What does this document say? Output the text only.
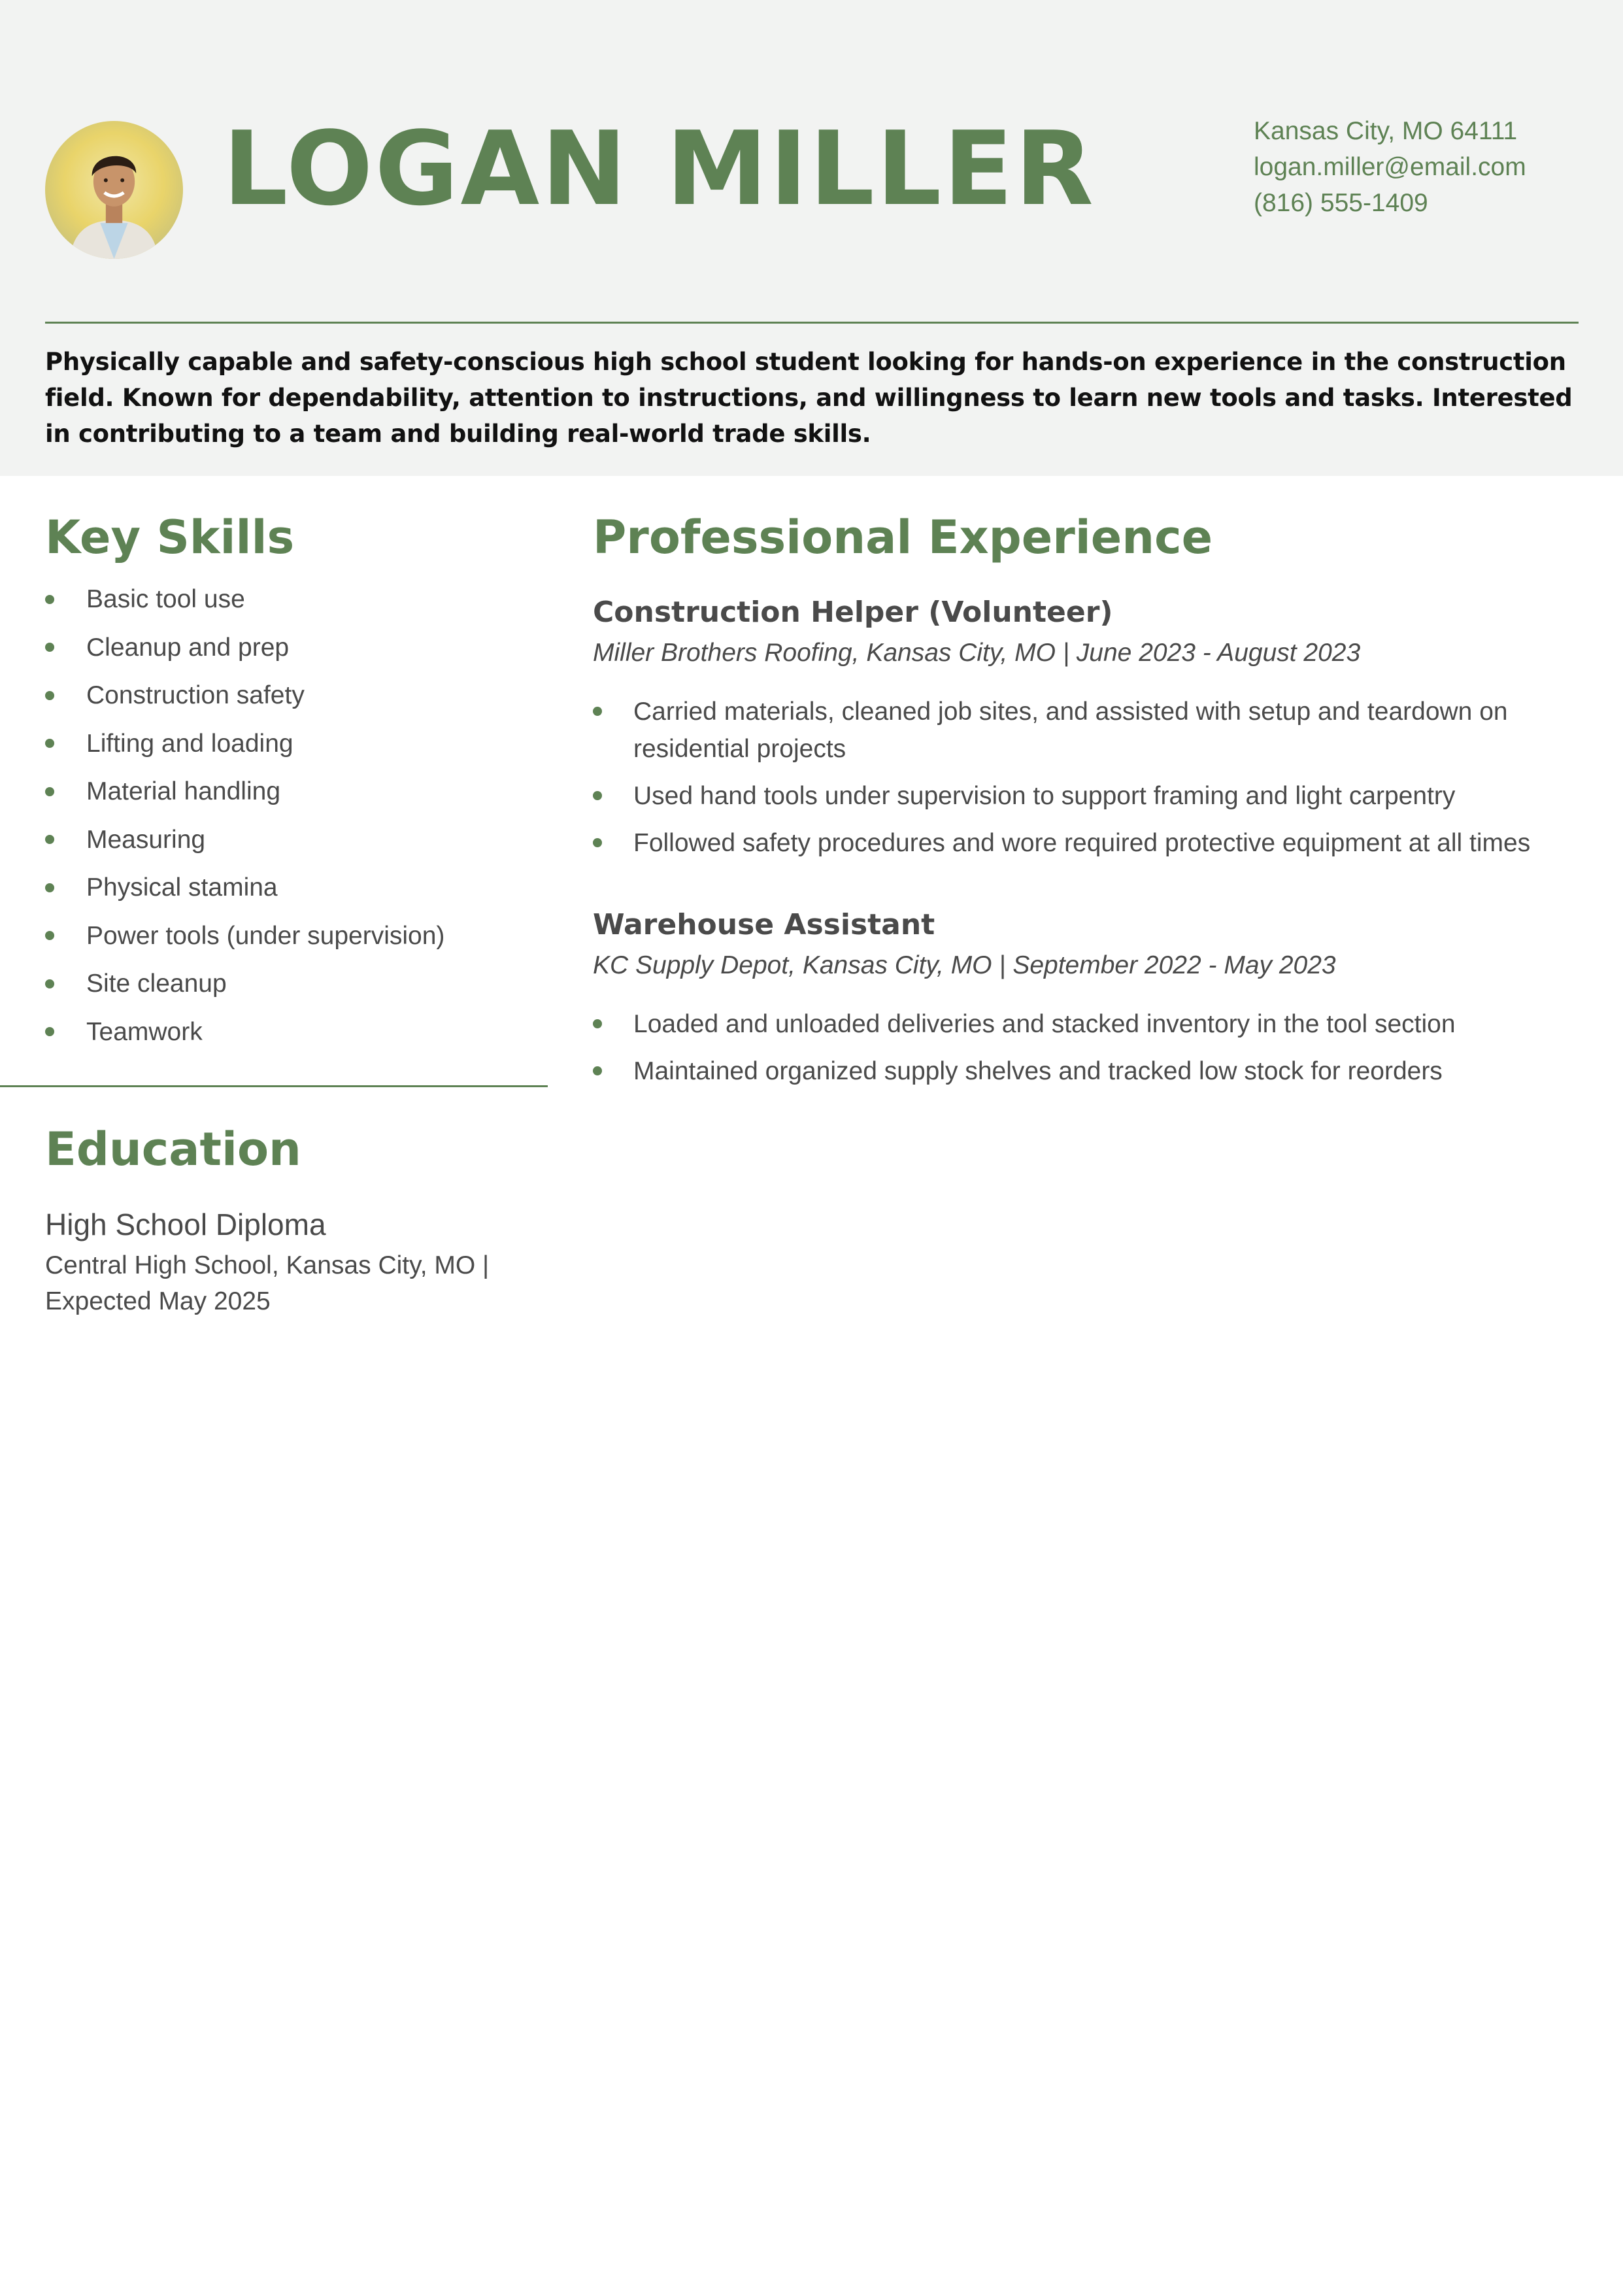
LOGAN MILLER	Kansas City, MO 64111
logan.miller@email.com
(816) 555-1409
Physically capable and safety-conscious high school student looking for hands-on experience in the construction field. Known for dependability, attention to instructions, and willingness to learn new tools and tasks. Interested in contributing to a team and building real-world trade skills.
Key Skills
Basic tool use
Cleanup and prep
Construction safety
Lifting and loading
Material handling
Measuring
Physical stamina
Power tools (under supervision)
Site cleanup
Teamwork
Education
High School Diploma
Central High School, Kansas City, MO | Expected May 2025
Professional Experience
Construction Helper (Volunteer)
Miller Brothers Roofing, Kansas City, MO | June 2023 - August 2023
Carried materials, cleaned job sites, and assisted with setup and teardown on residential projects
Used hand tools under supervision to support framing and light carpentry
Followed safety procedures and wore required protective equipment at all times
Warehouse Assistant
KC Supply Depot, Kansas City, MO | September 2022 - May 2023
Loaded and unloaded deliveries and stacked inventory in the tool section
Maintained organized supply shelves and tracked low stock for reorders
